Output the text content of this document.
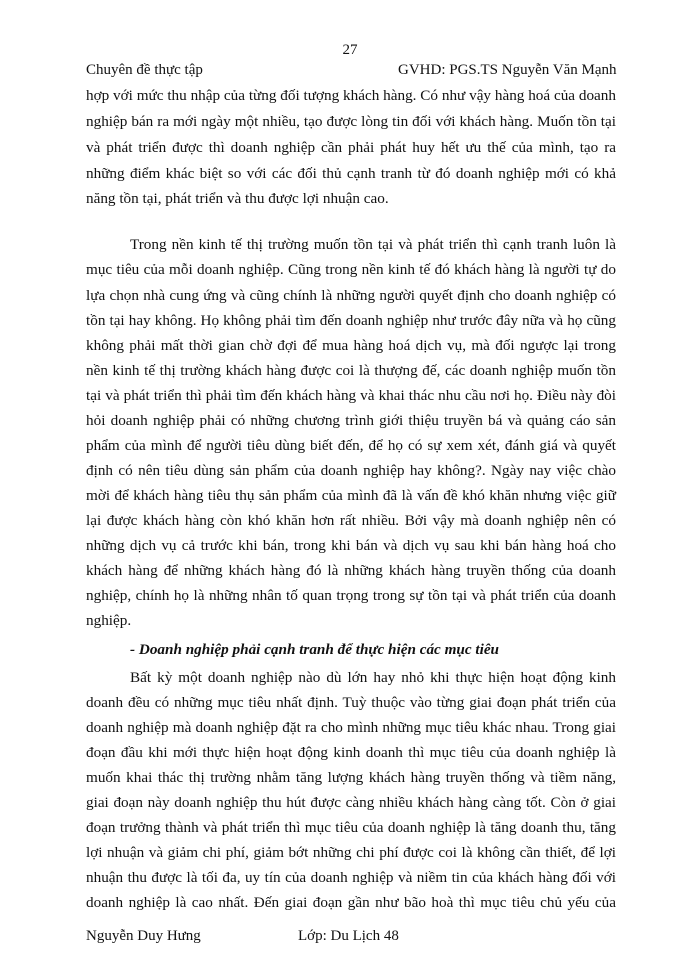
27
Chuyên đề thực tập	GVHD: PGS.TS Nguyễn Văn Mạnh
hợp với mức thu nhập của từng đối tượng khách hàng. Có như vậy hàng hoá của doanh
nghiệp bán ra mới ngày một nhiều, tạo được lòng tin đối với khách hàng. Muốn tồn tại
và phát triển được thì doanh nghiệp cần phải phát huy hết ưu thế của mình, tạo ra
những điểm khác biệt so với các đối thủ cạnh tranh từ đó doanh nghiệp mới có khả
năng tồn tại, phát triển và thu được lợi nhuận cao.
Trong nền kinh tế thị trường muốn tồn tại và phát triển thì cạnh tranh luôn là
mục tiêu của mỗi doanh nghiệp. Cũng trong nền kinh tế đó khách hàng là người tự do
lựa chọn nhà cung ứng và cũng chính là những người quyết định cho doanh nghiệp có
tồn tại hay không. Họ không phải tìm đến doanh nghiệp như trước đây nữa và họ cũng
không phải mất thời gian chờ đợi để mua hàng hoá dịch vụ, mà đối ngược lại trong
nền kinh tế thị trường khách hàng được coi là thượng đế, các doanh nghiệp muốn tồn
tại và phát triển thì phải tìm đến khách hàng và khai thác nhu cầu nơi họ. Điều này đòi
hỏi doanh nghiệp phải có những chương trình giới thiệu truyền bá và quảng cáo sản
phẩm của mình để người tiêu dùng biết đến, để họ có sự xem xét, đánh giá và quyết
định có nên tiêu dùng sản phẩm của doanh nghiệp hay không?. Ngày nay việc chào
mời để khách hàng tiêu thụ sản phẩm của mình đã là vấn đề khó khăn nhưng việc giữ
lại được khách hàng còn khó khăn hơn rất nhiều. Bởi vậy mà doanh nghiệp nên có
những dịch vụ cả trước khi bán, trong khi bán và dịch vụ sau khi bán hàng hoá cho
khách hàng để những khách hàng đó là những khách hàng truyền thống của doanh
nghiệp, chính họ là những nhân tố quan trọng trong sự tồn tại và phát triển của doanh
nghiệp.
- Doanh nghiệp phải cạnh tranh để thực hiện các mục tiêu
Bất kỳ một doanh nghiệp nào dù lớn hay nhỏ khi thực hiện hoạt động kinh
doanh đều có những mục tiêu nhất định. Tuỳ thuộc vào từng giai đoạn phát triển của
doanh nghiệp mà doanh nghiệp đặt ra cho mình những mục tiêu khác nhau. Trong giai
đoạn đầu khi mới thực hiện hoạt động kinh doanh thì mục tiêu của doanh nghiệp là
muốn khai thác thị trường nhằm tăng lượng khách hàng truyền thống và tiềm năng,
giai đoạn này doanh nghiệp thu hút được càng nhiều khách hàng càng tốt. Còn ở giai
đoạn trưởng thành và phát triển thì mục tiêu của doanh nghiệp là tăng doanh thu, tăng
lợi nhuận và giảm chi phí, giảm bớt những chi phí được coi là không cần thiết, để lợi
nhuận thu được là tối đa, uy tín của doanh nghiệp và niềm tin của khách hàng đối với
doanh nghiệp là cao nhất. Đến giai đoạn gần như bão hoà thì mục tiêu chủ yếu của
Nguyễn Duy Hưng	Lớp: Du Lịch 48
